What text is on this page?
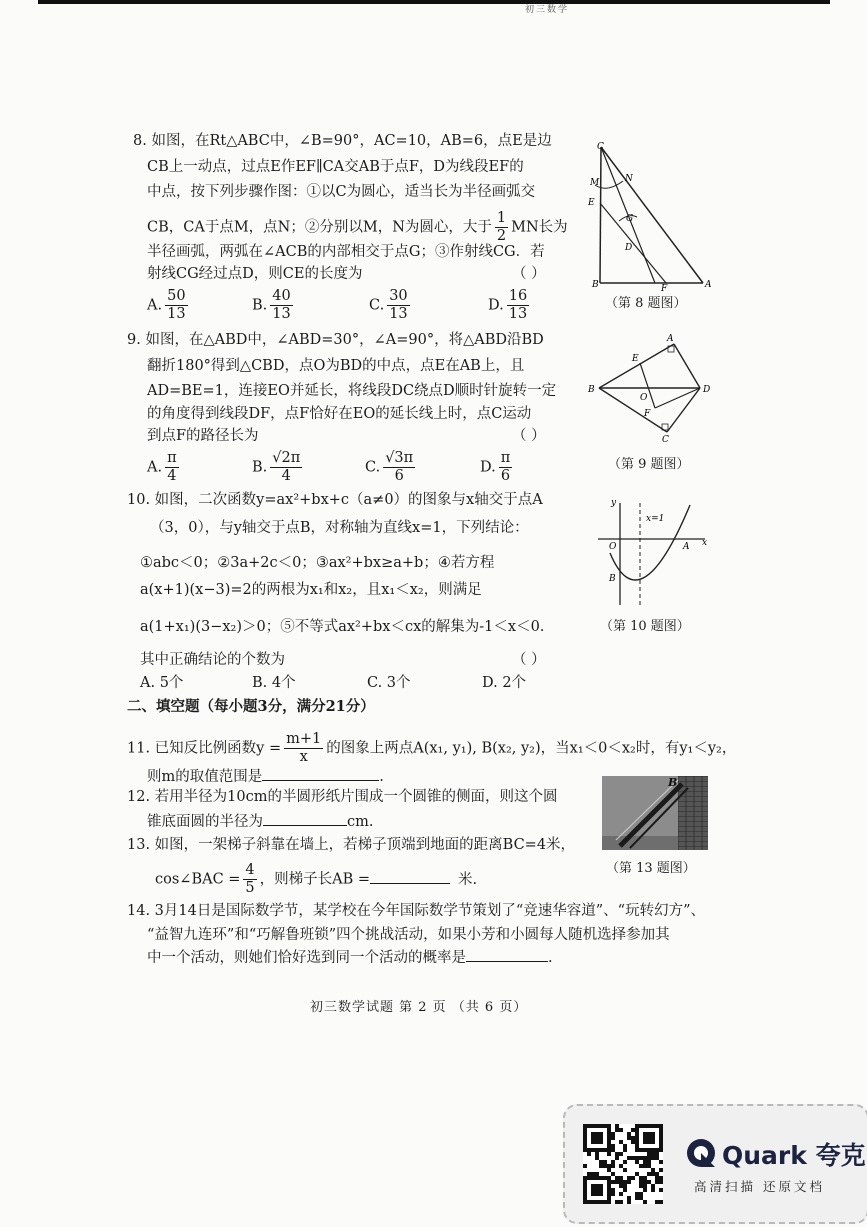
初三数学
8. 如图，在Rt△ABC中，∠B=90°，AC=10，AB=6，点E是边
CB上一动点，过点E作EF∥CA交AB于点F，D为线段EF的
中点，按下列步骤作图：①以C为圆心，适当长为半径画弧交
CB，CA于点M，点N；②分别以M，N为圆心，大于 $\frac{1}{2}$ MN长为
半径画弧，两弧在∠ACB的内部相交于点G；③作射线CG．若
射线CG经过点D，则CE的长度为	（ ）
A. $\frac{50}{13}$	B. $\frac{40}{13}$	C. $\frac{30}{13}$	D. $\frac{16}{13}$
C
M	N
E
G
D
B	F	A
（第 8 题图）
9. 如图，在△ABD中，∠ABD=30°，∠A=90°，将△ABD沿BD
翻折180°得到△CBD，点O为BD的中点，点E在AB上，且
AD=BE=1，连接EO并延长，将线段DC绕点D顺时针旋转一定
的角度得到线段DF，点F恰好在EO的延长线上时，点C运动
到点F的路径长为	（ ）
A. $\frac{\pi}{4}$	B. $\frac{√2\pi}{4}$	C. $\frac{√3\pi}{6}$	D. $\frac{\pi}{6}$
A
E
B
O
D
F
C
（第 9 题图）
10. 如图，二次函数y=ax²+bx+c（a≠0）的图象与x轴交于点A
（3，0），与y轴交于点B，对称轴为直线x=1，下列结论：
①abc＜0；②3a+2c＜0；③ax²+bx≥a+b；④若方程
a(x+1)(x−3)=2的两根为x₁和x₂，且x₁＜x₂，则满足
a(1+x₁)(3−x₂)＞0；⑤不等式ax²+bx＜cx的解集为-1＜x＜0.
其中正确结论的个数为	（ ）
A. 5个	B. 4个	C. 3个	D. 2个
y
x=1
O	A x
B
（第 10 题图）
二、填空题（每小题3分，满分21分）
11. 已知反比例函数$y = \frac{m+1}{x}$ 的图象上两点A(x₁, y₁), B(x₂, y₂)，当x₁＜0＜x₂时，有y₁＜y₂，
则m的取值范围是	.
12. 若用半径为10cm的半圆形纸片围成一个圆锥的侧面，则这个圆
锥底面圆的半径为	cm.
13. 如图，一架梯子斜靠在墙上，若梯子顶端到地面的距离BC=4米，
cos∠BAC = $\frac{4}{5}$ ，则梯子长AB =	米.
B
（第 13 题图）
14. 3月14日是国际数学节，某学校在今年国际数学节策划了“竞速华容道”、“玩转幻方”、
“益智九连环”和“巧解鲁班锁”四个挑战活动，如果小芳和小圆每人随机选择参加其
中一个活动，则她们恰好选到同一个活动的概率是	.
初三数学试题 第 2 页 （共 6 页）
Quark 夸克
高清扫描 还原文档
